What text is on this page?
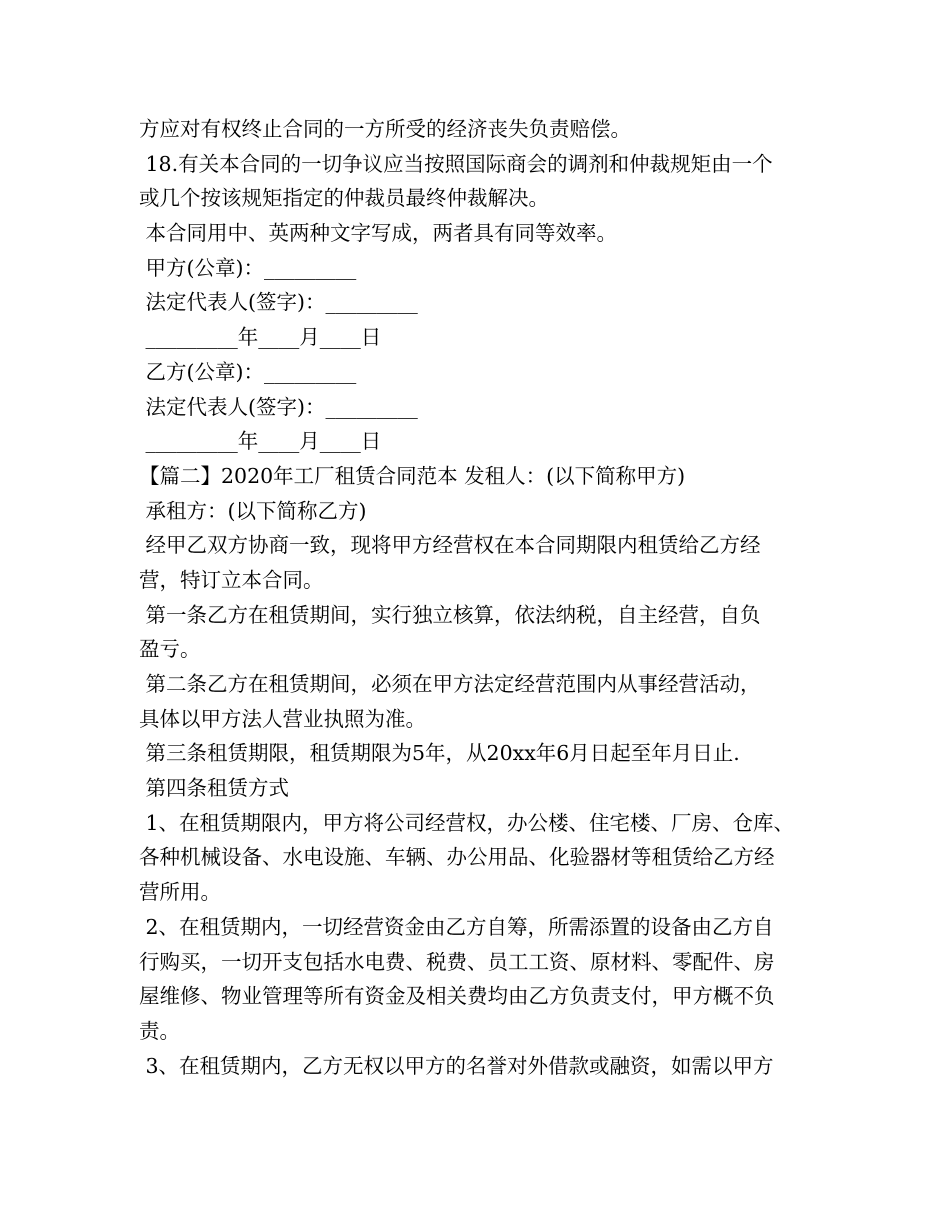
方应对有权终止合同的一方所受的经济丧失负责赔偿。
18.有关本合同的一切争议应当按照国际商会的调剂和仲裁规矩由一个
或几个按该规矩指定的仲裁员最终仲裁解决。
本合同用中、英两种文字写成，两者具有同等效率。
甲方(公章)：_________
法定代表人(签字)：_________
_________年____月____日
乙方(公章)：_________
法定代表人(签字)：_________
_________年____月____日
【篇二】2020年工厂租赁合同范本 发租人：(以下简称甲方)
承租方：(以下简称乙方)
经甲乙双方协商一致，现将甲方经营权在本合同期限内租赁给乙方经
营，特订立本合同。
第一条乙方在租赁期间，实行独立核算，依法纳税，自主经营，自负
盈亏。
第二条乙方在租赁期间，必须在甲方法定经营范围内从事经营活动，
具体以甲方法人营业执照为准。
第三条租赁期限，租赁期限为5年，从20xx年6月日起至年月日止.
第四条租赁方式
1、在租赁期限内，甲方将公司经营权，办公楼、住宅楼、厂房、仓库、
各种机械设备、水电设施、车辆、办公用品、化验器材等租赁给乙方经
营所用。
2、在租赁期内，一切经营资金由乙方自筹，所需添置的设备由乙方自
行购买，一切开支包括水电费、税费、员工工资、原材料、零配件、房
屋维修、物业管理等所有资金及相关费均由乙方负责支付，甲方概不负
责。
3、在租赁期内，乙方无权以甲方的名誉对外借款或融资，如需以甲方
